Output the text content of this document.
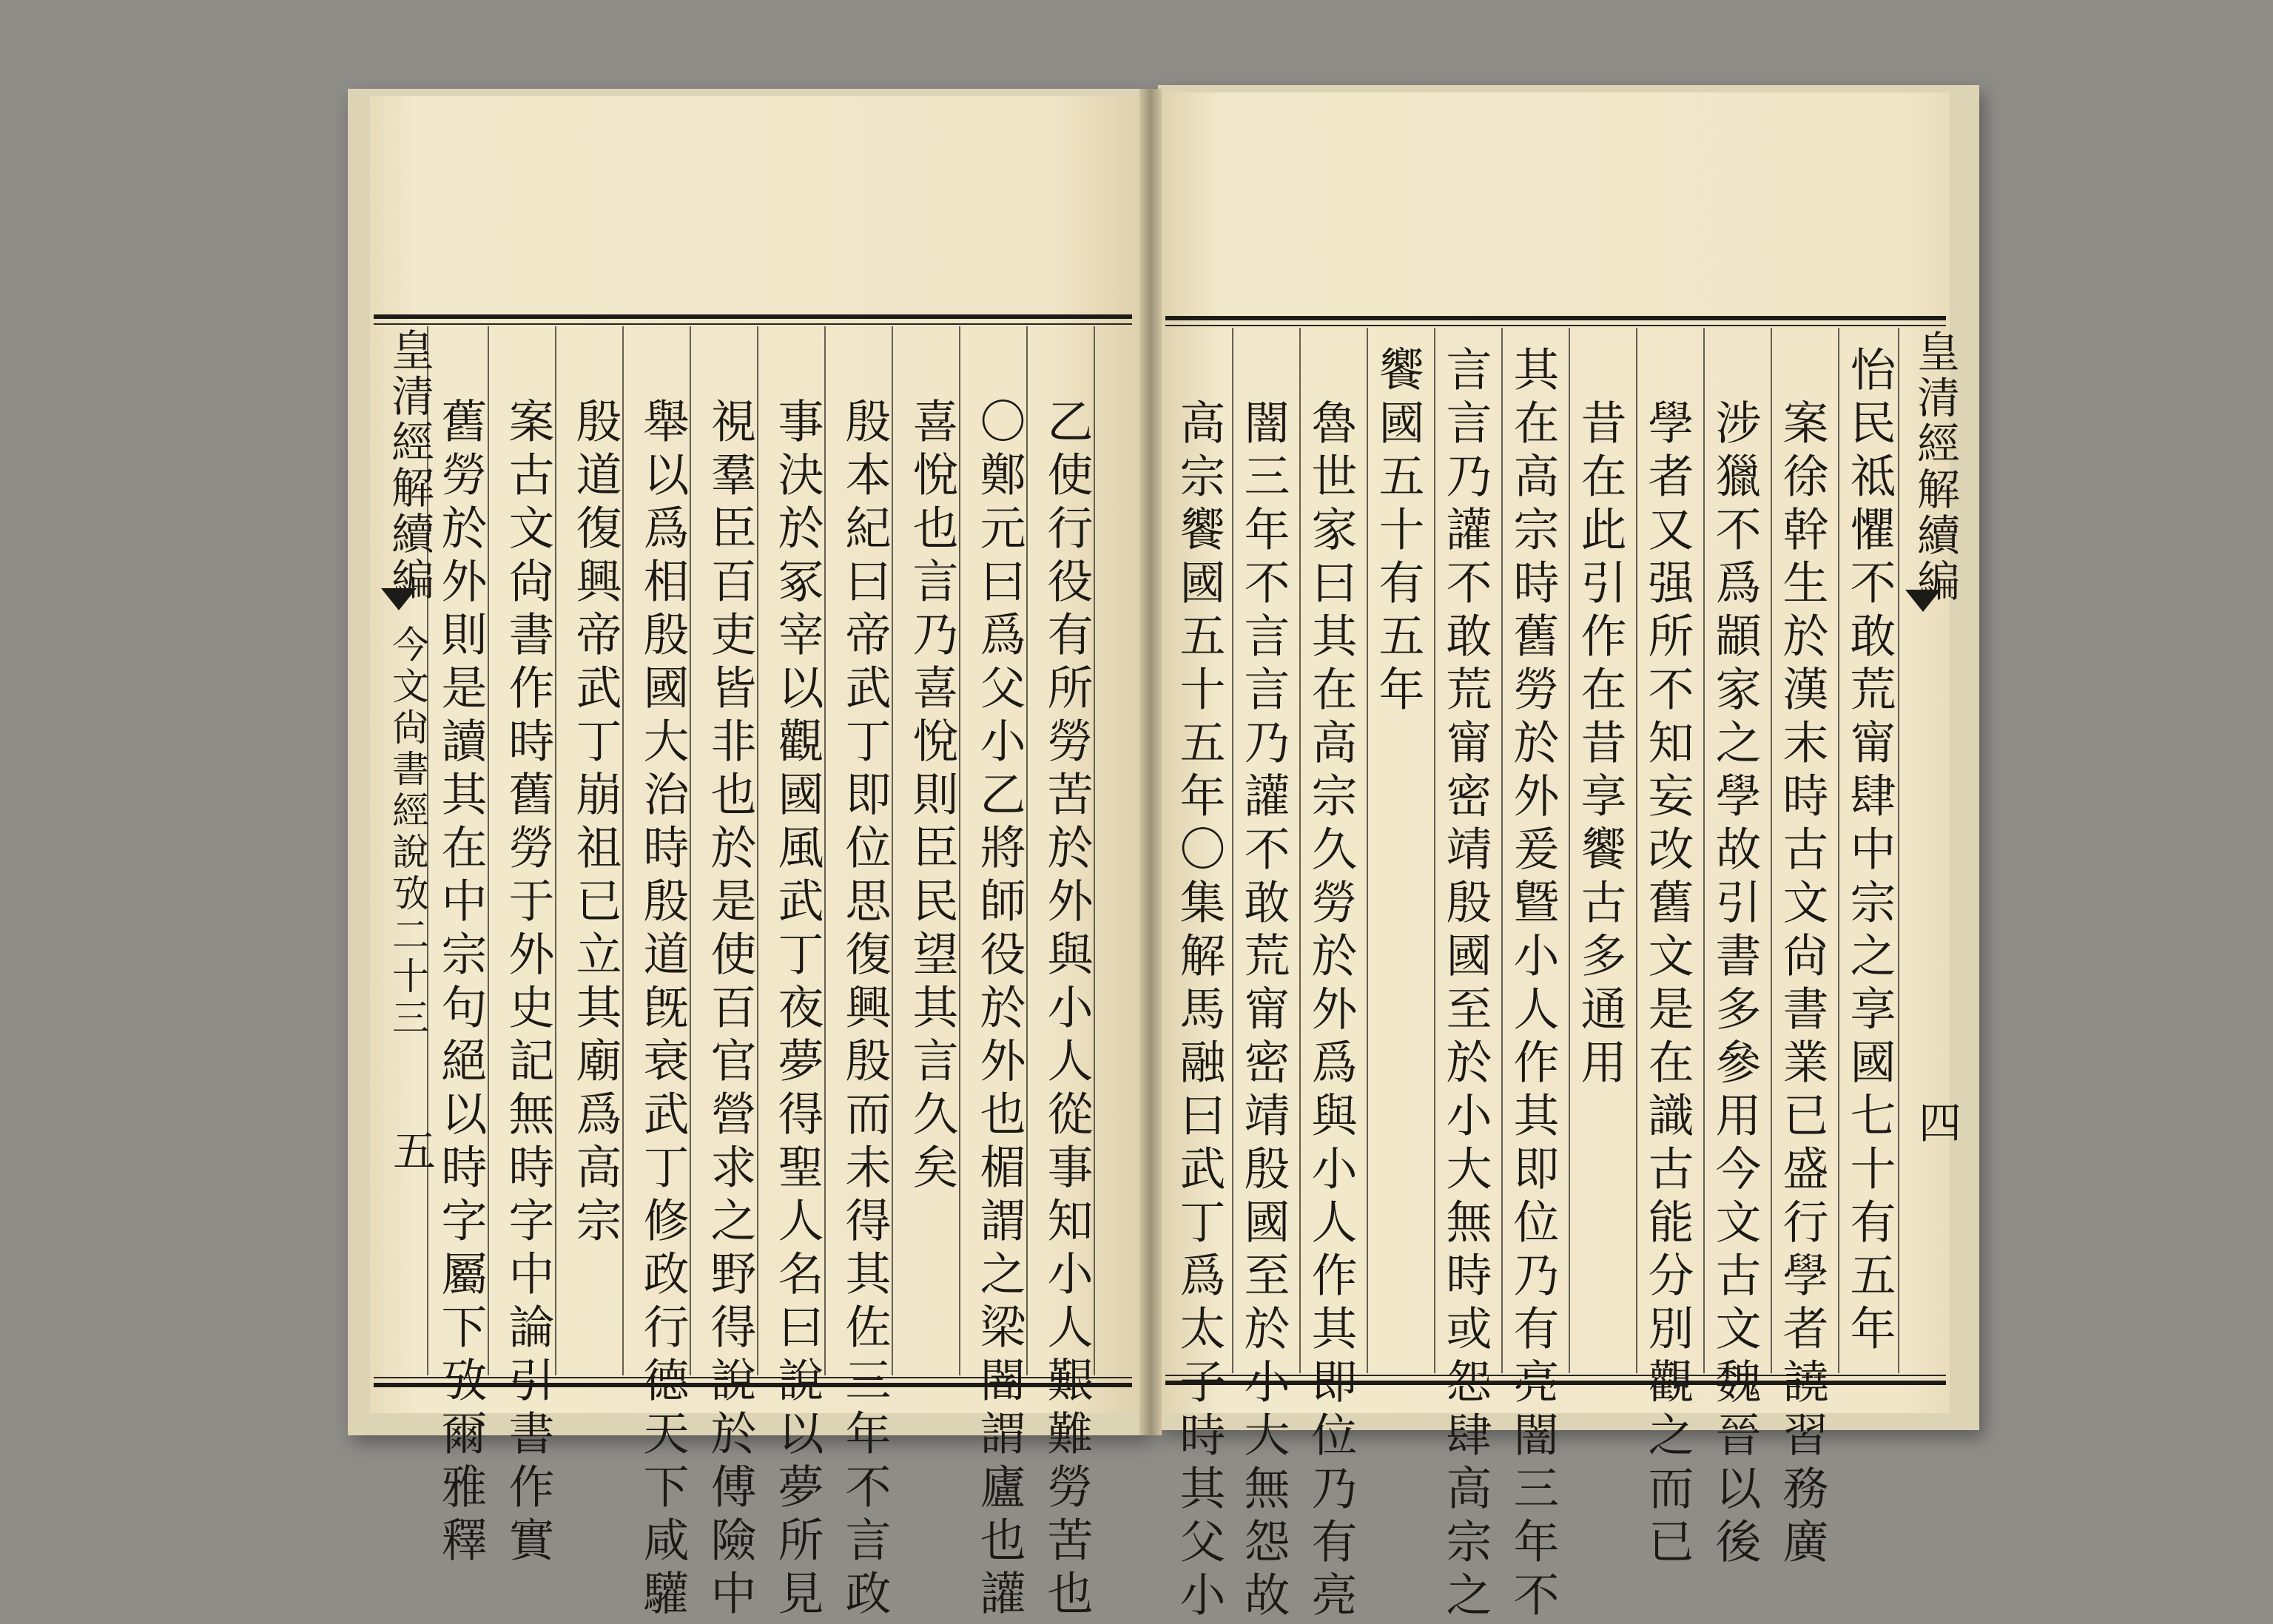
皇清經解續編
今文尙書經說攷二十三
五	　乙使行役有所勞苦於外與小人從事知小人艱難勞苦也
　〇鄭元曰爲父小乙將師役於外也楣謂之梁闇謂廬也讙
　喜悅也言乃喜悅則臣民望其言久矣
　殷本紀曰帝武丁即位思復興殷而未得其佐三年不言政
　事決於冢宰以觀國風武丁夜夢得聖人名曰說以夢所見
　視羣臣百吏皆非也於是使百官營求之野得說於傅險中
　舉以爲相殷國大治時殷道旣衰武丁修政行德天下咸驩
　殷道復興帝武丁崩祖已立其廟爲高宗
　案古文尙書作時舊勞于外史記無時字中論引書作實
　舊勞於外則是讀其在中宗句絕以時字屬下攷爾雅釋	皇清經解續編
四
怡民祗懼不敢荒甯肆中宗之享國七十有五年
　案徐幹生於漢末時古文尙書業已盛行學者譊習務廣
　涉獵不爲顓家之學故引書多參用今文古文魏晉以後
　學者又强所不知妄改舊文是在識古能分別觀之而已
　昔在此引作在昔享饗古多通用
其在高宗時舊勞於外爰曁小人作其即位乃有亮闇三年不
言言乃讙不敢荒甯密靖殷國至於小大無時或怨肆高宗之
饗國五十有五年
　魯世家曰其在高宗久勞於外爲與小人作其即位乃有亮
　闇三年不言言乃讙不敢荒甯密靖殷國至於小大無怨故
　高宗饗國五十五年〇集解馬融曰武丁爲太子時其父小
